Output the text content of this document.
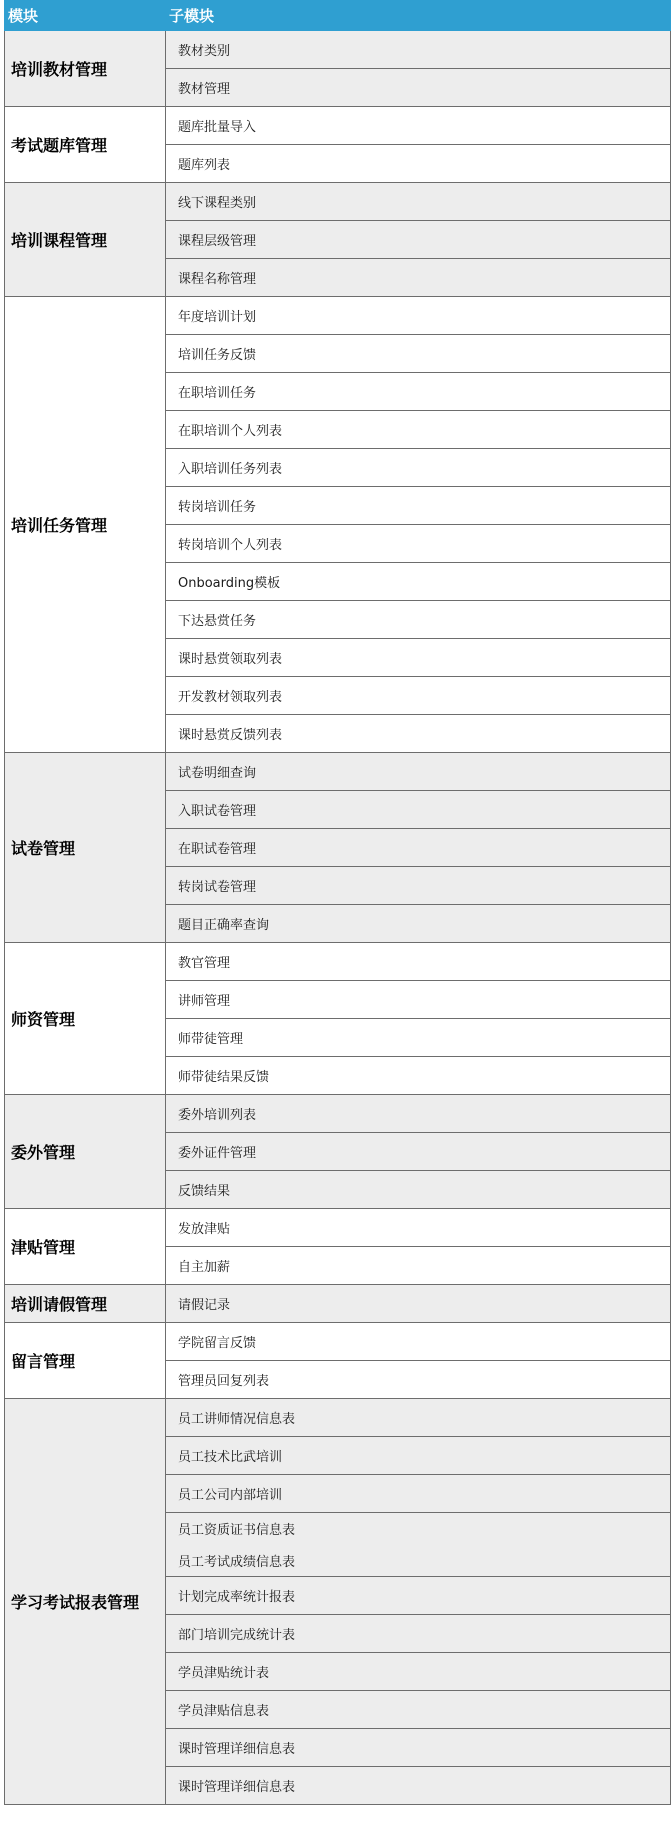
模块	子模块
培训教材管理	教材类别
	教材管理
考试题库管理	题库批量导入
	题库列表
培训课程管理	线下课程类别
	课程层级管理
	课程名称管理
培训任务管理	年度培训计划
	培训任务反馈
	在职培训任务
	在职培训个人列表
	入职培训任务列表
	转岗培训任务
	转岗培训个人列表
	Onboarding模板
	下达悬赏任务
	课时悬赏领取列表
	开发教材领取列表
	课时悬赏反馈列表
试卷管理	试卷明细查询
	入职试卷管理
	在职试卷管理
	转岗试卷管理
	题目正确率查询
师资管理	教官管理
	讲师管理
	师带徒管理
	师带徒结果反馈
委外管理	委外培训列表
	委外证件管理
	反馈结果
津贴管理	发放津贴
	自主加薪
培训请假管理	请假记录
留言管理	学院留言反馈
	管理员回复列表
学习考试报表管理	员工讲师情况信息表
	员工技术比武培训
	员工公司内部培训
	员工资质证书信息表
	员工考试成绩信息表
	计划完成率统计报表
	部门培训完成统计表
	学员津贴统计表
	学员津贴信息表
	课时管理详细信息表
	课时管理详细信息表
